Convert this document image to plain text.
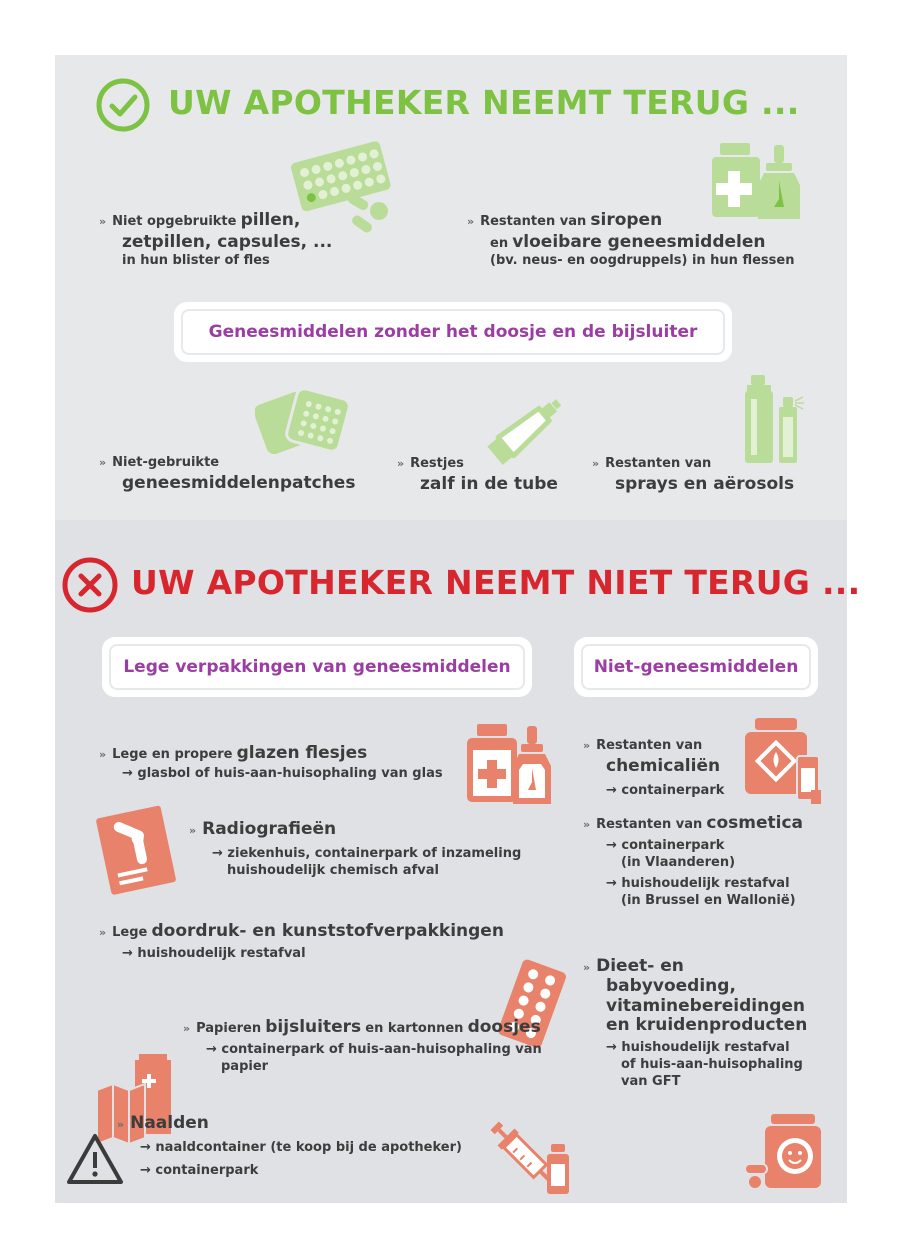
UW APOTHEKER NEEMT TERUG ...
» Niet opgebruikte pillen,
zetpillen, capsules, ...
in hun blister of fles
» Restanten van siropen
en vloeibare geneesmiddelen
(bv. neus- en oogdruppels) in hun flessen
Geneesmiddelen zonder het doosje en de bijsluiter
» Niet-gebruikte
geneesmiddelenpatches
» Restjes
zalf in de tube
» Restanten van
sprays en aërosols
UW APOTHEKER NEEMT NIET TERUG ...
Lege verpakkingen van geneesmiddelen	Niet-geneesmiddelen
» Lege en propere glazen flesjes
→ glasbol of huis-aan-huisophaling van glas
» Radiografieën
→ ziekenhuis, containerpark of inzameling
huishoudelijk chemisch afval
» Lege doordruk- en kunststofverpakkingen
→ huishoudelijk restafval
» Papieren bijsluiters en kartonnen doosjes
→ containerpark of huis-aan-huisophaling van
papier
» Naalden
→ naaldcontainer (te koop bij de apotheker)
→ containerpark
» Restanten van
chemicaliën
→ containerpark
» Restanten van cosmetica
→ containerpark
(in Vlaanderen)
→ huishoudelijk restafval
(in Brussel en Wallonië)
» Dieet- en
babyvoeding,
vitaminebereidingen
en kruidenproducten
→ huishoudelijk restafval
of huis-aan-huisophaling
van GFT
